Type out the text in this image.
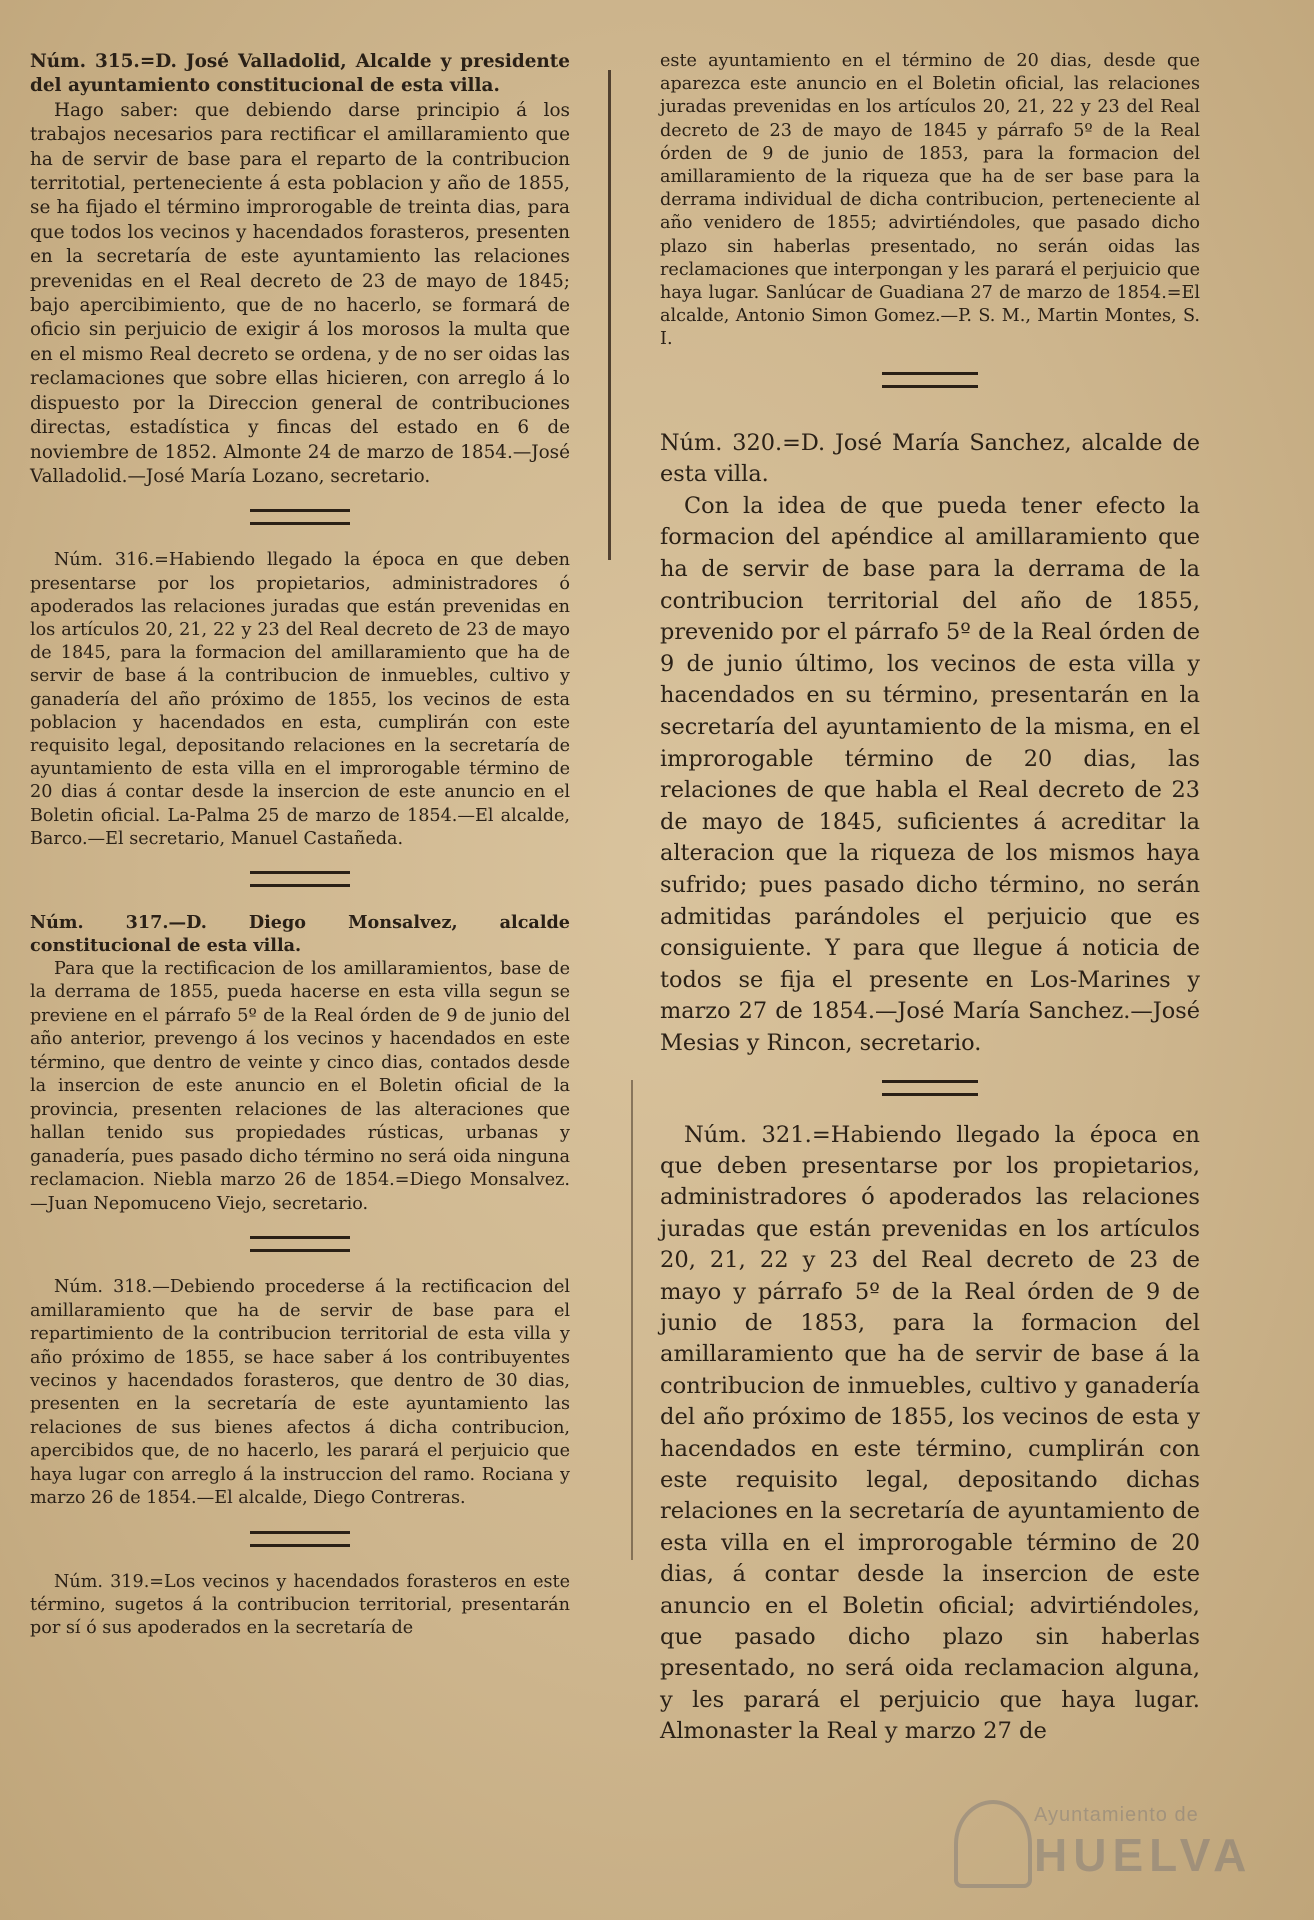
Núm. 315.=D. José Valladolid, Alcalde y presidente del ayuntamiento constitucional de esta villa.

Hago saber: que debiendo darse principio á los trabajos necesarios para rectificar el amillaramiento que ha de servir de base para el reparto de la contribucion territotial, perteneciente á esta poblacion y año de 1855, se ha fijado el término improrogable de treinta dias, para que todos los vecinos y hacendados forasteros, presenten en la secretaría de este ayuntamiento las relaciones prevenidas en el Real decreto de 23 de mayo de 1845; bajo apercibimiento, que de no hacerlo, se formará de oficio sin perjuicio de exigir á los morosos la multa que en el mismo Real decreto se ordena, y de no ser oidas las reclamaciones que sobre ellas hicieren, con arreglo á lo dispuesto por la Direccion general de contribuciones directas, estadística y fincas del estado en 6 de noviembre de 1852. Almonte 24 de marzo de 1854.—José Valladolid.—José María Lozano, secretario.

Núm. 316.=Habiendo llegado la época en que deben presentarse por los propietarios, administradores ó apoderados las relaciones juradas que están prevenidas en los artículos 20, 21, 22 y 23 del Real decreto de 23 de mayo de 1845, para la formacion del amillaramiento que ha de servir de base á la contribucion de inmuebles, cultivo y ganadería del año próximo de 1855, los vecinos de esta poblacion y hacendados en esta, cumplirán con este requisito legal, depositando relaciones en la secretaría de ayuntamiento de esta villa en el improrogable término de 20 dias á contar desde la insercion de este anuncio en el Boletin oficial. La-Palma 25 de marzo de 1854.—El alcalde, Barco.—El secretario, Manuel Castañeda.

Núm. 317.—D. Diego Monsalvez, alcalde constitucional de esta villa.

Para que la rectificacion de los amillaramientos, base de la derrama de 1855, pueda hacerse en esta villa segun se previene en el párrafo 5º de la Real órden de 9 de junio del año anterior, prevengo á los vecinos y hacendados en este término, que dentro de veinte y cinco dias, contados desde la insercion de este anuncio en el Boletin oficial de la provincia, presenten relaciones de las alteraciones que hallan tenido sus propiedades rústicas, urbanas y ganadería, pues pasado dicho término no será oida ninguna reclamacion. Niebla marzo 26 de 1854.=Diego Monsalvez.—Juan Nepomuceno Viejo, secretario.

Núm. 318.—Debiendo procederse á la rectificacion del amillaramiento que ha de servir de base para el repartimiento de la contribucion territorial de esta villa y año próximo de 1855, se hace saber á los contribuyentes vecinos y hacendados forasteros, que dentro de 30 dias, presenten en la secretaría de este ayuntamiento las relaciones de sus bienes afectos á dicha contribucion, apercibidos que, de no hacerlo, les parará el perjuicio que haya lugar con arreglo á la instruccion del ramo. Rociana y marzo 26 de 1854.—El alcalde, Diego Contreras.

Núm. 319.=Los vecinos y hacendados forasteros en este término, sugetos á la contribucion territorial, presentarán por sí ó sus apoderados en la secretaría de

este ayuntamiento en el término de 20 dias, desde que aparezca este anuncio en el Boletin oficial, las relaciones juradas prevenidas en los artículos 20, 21, 22 y 23 del Real decreto de 23 de mayo de 1845 y párrafo 5º de la Real órden de 9 de junio de 1853, para la formacion del amillaramiento de la riqueza que ha de ser base para la derrama individual de dicha contribucion, perteneciente al año venidero de 1855; advirtiéndoles, que pasado dicho plazo sin haberlas presentado, no serán oidas las reclamaciones que interpongan y les parará el perjuicio que haya lugar. Sanlúcar de Guadiana 27 de marzo de 1854.=El alcalde, Antonio Simon Gomez.—P. S. M., Martin Montes, S. I.

Núm. 320.=D. José María Sanchez, alcalde de esta villa.

Con la idea de que pueda tener efecto la formacion del apéndice al amillaramiento que ha de servir de base para la derrama de la contribucion territorial del año de 1855, prevenido por el párrafo 5º de la Real órden de 9 de junio último, los vecinos de esta villa y hacendados en su término, presentarán en la secretaría del ayuntamiento de la misma, en el improrogable término de 20 dias, las relaciones de que habla el Real decreto de 23 de mayo de 1845, suficientes á acreditar la alteracion que la riqueza de los mismos haya sufrido; pues pasado dicho término, no serán admitidas parándoles el perjuicio que es consiguiente. Y para que llegue á noticia de todos se fija el presente en Los-Marines y marzo 27 de 1854.—José María Sanchez.—José Mesias y Rincon, secretario.

Núm. 321.=Habiendo llegado la época en que deben presentarse por los propietarios, administradores ó apoderados las relaciones juradas que están prevenidas en los artículos 20, 21, 22 y 23 del Real decreto de 23 de mayo y párrafo 5º de la Real órden de 9 de junio de 1853, para la formacion del amillaramiento que ha de servir de base á la contribucion de inmuebles, cultivo y ganadería del año próximo de 1855, los vecinos de esta y hacendados en este término, cumplirán con este requisito legal, depositando dichas relaciones en la secretaría de ayuntamiento de esta villa en el improrogable término de 20 dias, á contar desde la insercion de este anuncio en el Boletin oficial; advirtiéndoles, que pasado dicho plazo sin haberlas presentado, no será oida reclamacion alguna, y les parará el perjuicio que haya lugar. Almonaster la Real y marzo 27 de

Ayuntamiento de
HUELVA
